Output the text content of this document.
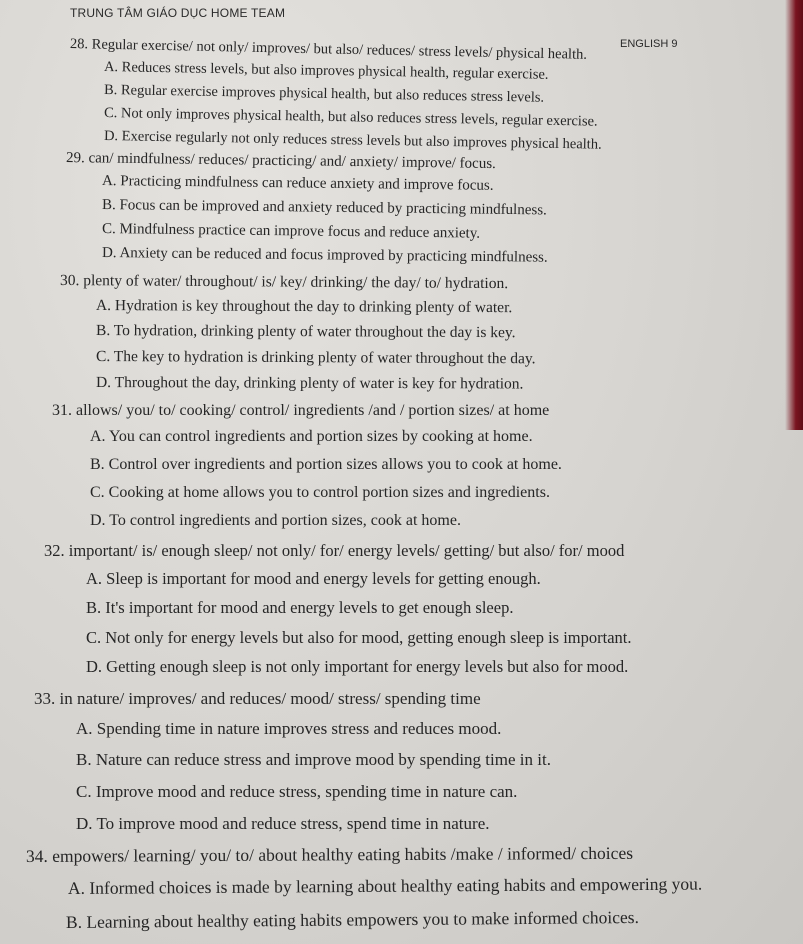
TRUNG TÂM GIÁO DỤC HOME TEAM
ENGLISH 9
28. Regular exercise/ not only/ improves/ but also/ reduces/ stress levels/ physical health.
A. Reduces stress levels, but also improves physical health, regular exercise.
B. Regular exercise improves physical health, but also reduces stress levels.
C. Not only improves physical health, but also reduces stress levels, regular exercise.
D. Exercise regularly not only reduces stress levels but also improves physical health.
29. can/ mindfulness/ reduces/ practicing/ and/ anxiety/ improve/ focus.
A. Practicing mindfulness can reduce anxiety and improve focus.
B. Focus can be improved and anxiety reduced by practicing mindfulness.
C. Mindfulness practice can improve focus and reduce anxiety.
D. Anxiety can be reduced and focus improved by practicing mindfulness.
30. plenty of water/ throughout/ is/ key/ drinking/ the day/ to/ hydration.
A. Hydration is key throughout the day to drinking plenty of water.
B. To hydration, drinking plenty of water throughout the day is key.
C. The key to hydration is drinking plenty of water throughout the day.
D. Throughout the day, drinking plenty of water is key for hydration.
31. allows/ you/ to/ cooking/ control/ ingredients /and / portion sizes/ at home
A. You can control ingredients and portion sizes by cooking at home.
B. Control over ingredients and portion sizes allows you to cook at home.
C. Cooking at home allows you to control portion sizes and ingredients.
D. To control ingredients and portion sizes, cook at home.
32. important/ is/ enough sleep/ not only/ for/ energy levels/ getting/ but also/ for/ mood
A. Sleep is important for mood and energy levels for getting enough.
B. It's important for mood and energy levels to get enough sleep.
C. Not only for energy levels but also for mood, getting enough sleep is important.
D. Getting enough sleep is not only important for energy levels but also for mood.
33. in nature/ improves/ and reduces/ mood/ stress/ spending time
A. Spending time in nature improves stress and reduces mood.
B. Nature can reduce stress and improve mood by spending time in it.
C. Improve mood and reduce stress, spending time in nature can.
D. To improve mood and reduce stress, spend time in nature.
34. empowers/ learning/ you/ to/ about healthy eating habits /make / informed/ choices
A. Informed choices is made by learning about healthy eating habits and empowering you.
B. Learning about healthy eating habits empowers you to make informed choices.
